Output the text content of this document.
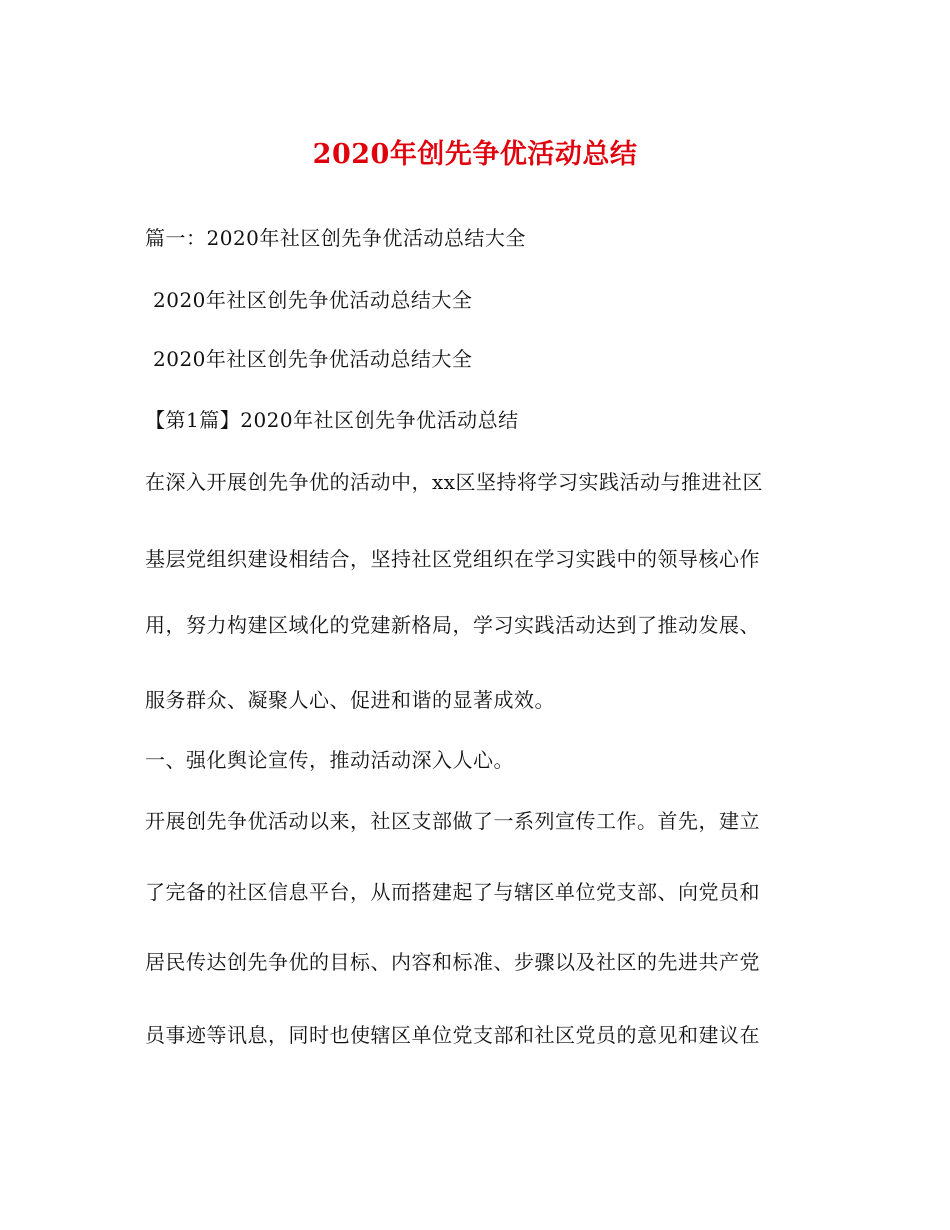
2020年创先争优活动总结
篇一：2020年社区创先争优活动总结大全
2020年社区创先争优活动总结大全
2020年社区创先争优活动总结大全
【第1篇】2020年社区创先争优活动总结
在深入开展创先争优的活动中，xx区坚持将学习实践活动与推进社区
基层党组织建设相结合，坚持社区党组织在学习实践中的领导核心作
用，努力构建区域化的党建新格局，学习实践活动达到了推动发展、
服务群众、凝聚人心、促进和谐的显著成效。
一、强化舆论宣传，推动活动深入人心。
开展创先争优活动以来，社区支部做了一系列宣传工作。首先，建立
了完备的社区信息平台，从而搭建起了与辖区单位党支部、向党员和
居民传达创先争优的目标、内容和标准、步骤以及社区的先进共产党
员事迹等讯息，同时也使辖区单位党支部和社区党员的意见和建议在
